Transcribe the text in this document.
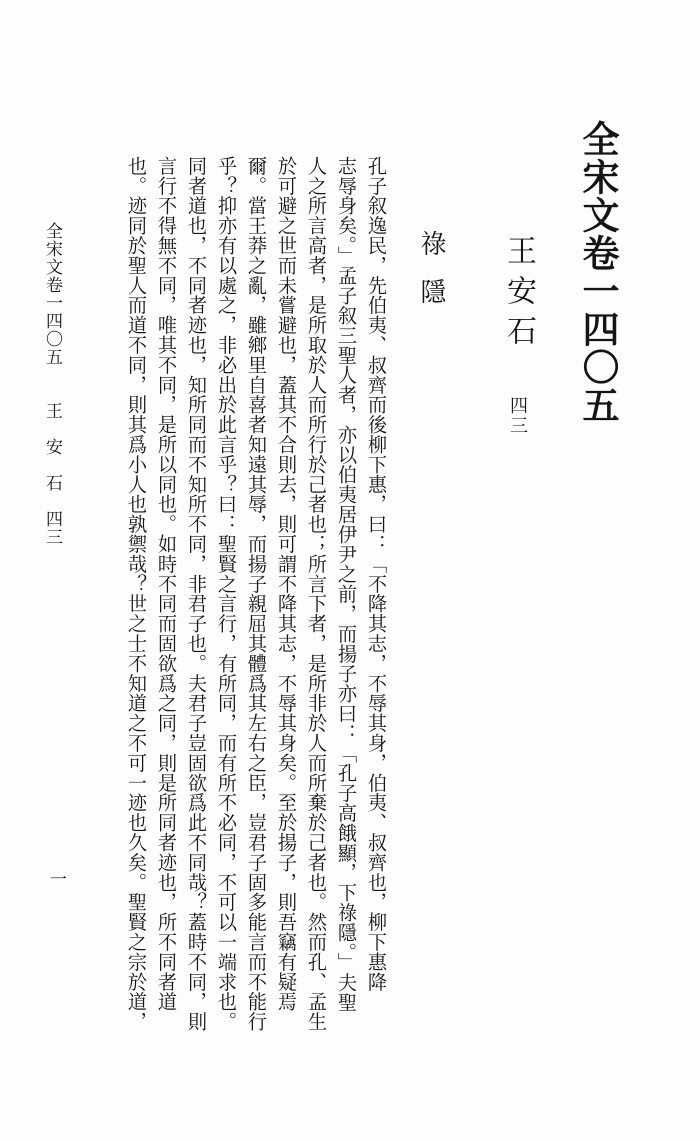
全宋文卷一四〇五
王安石
四三
祿隱
孔子叙逸民，先伯夷、叔齊而後柳下惠，曰：「不降其志，不辱其身，伯夷、叔齊也，柳下惠降
志辱身矣。」孟子叙三聖人者，亦以伯夷居伊尹之前，而揚子亦曰：「孔子高餓顯，下祿隱。」夫聖
人之所言高者，是所取於人而所行於己者也；所言下者，是所非於人而所棄於己者也。然而孔、孟生
於可避之世而未嘗避也，蓋其不合則去，則可謂不降其志，不辱其身矣。至於揚子，則吾竊有疑焉
爾。當王莽之亂，雖鄉里自喜者知遠其辱，而揚子親屈其體爲其左右之臣，豈君子固多能言而不能行
乎？抑亦有以處之，非必出於此言乎？曰：聖賢之言行，有所同，而有所不必同，不可以一端求也。
同者道也，不同者迹也，知所同而不知所不同，非君子也。夫君子豈固欲爲此不同哉？蓋時不同，則
言行不得無不同，唯其不同，是所以同也。如時不同而固欲爲之同，則是所同者迹也，所不同者道
也。迹同於聖人而道不同，則其爲小人也孰禦哉？世之士不知道之不可一迹也久矣。聖賢之宗於道，
全宋文卷一四〇五　　王　安　石　四三
一
